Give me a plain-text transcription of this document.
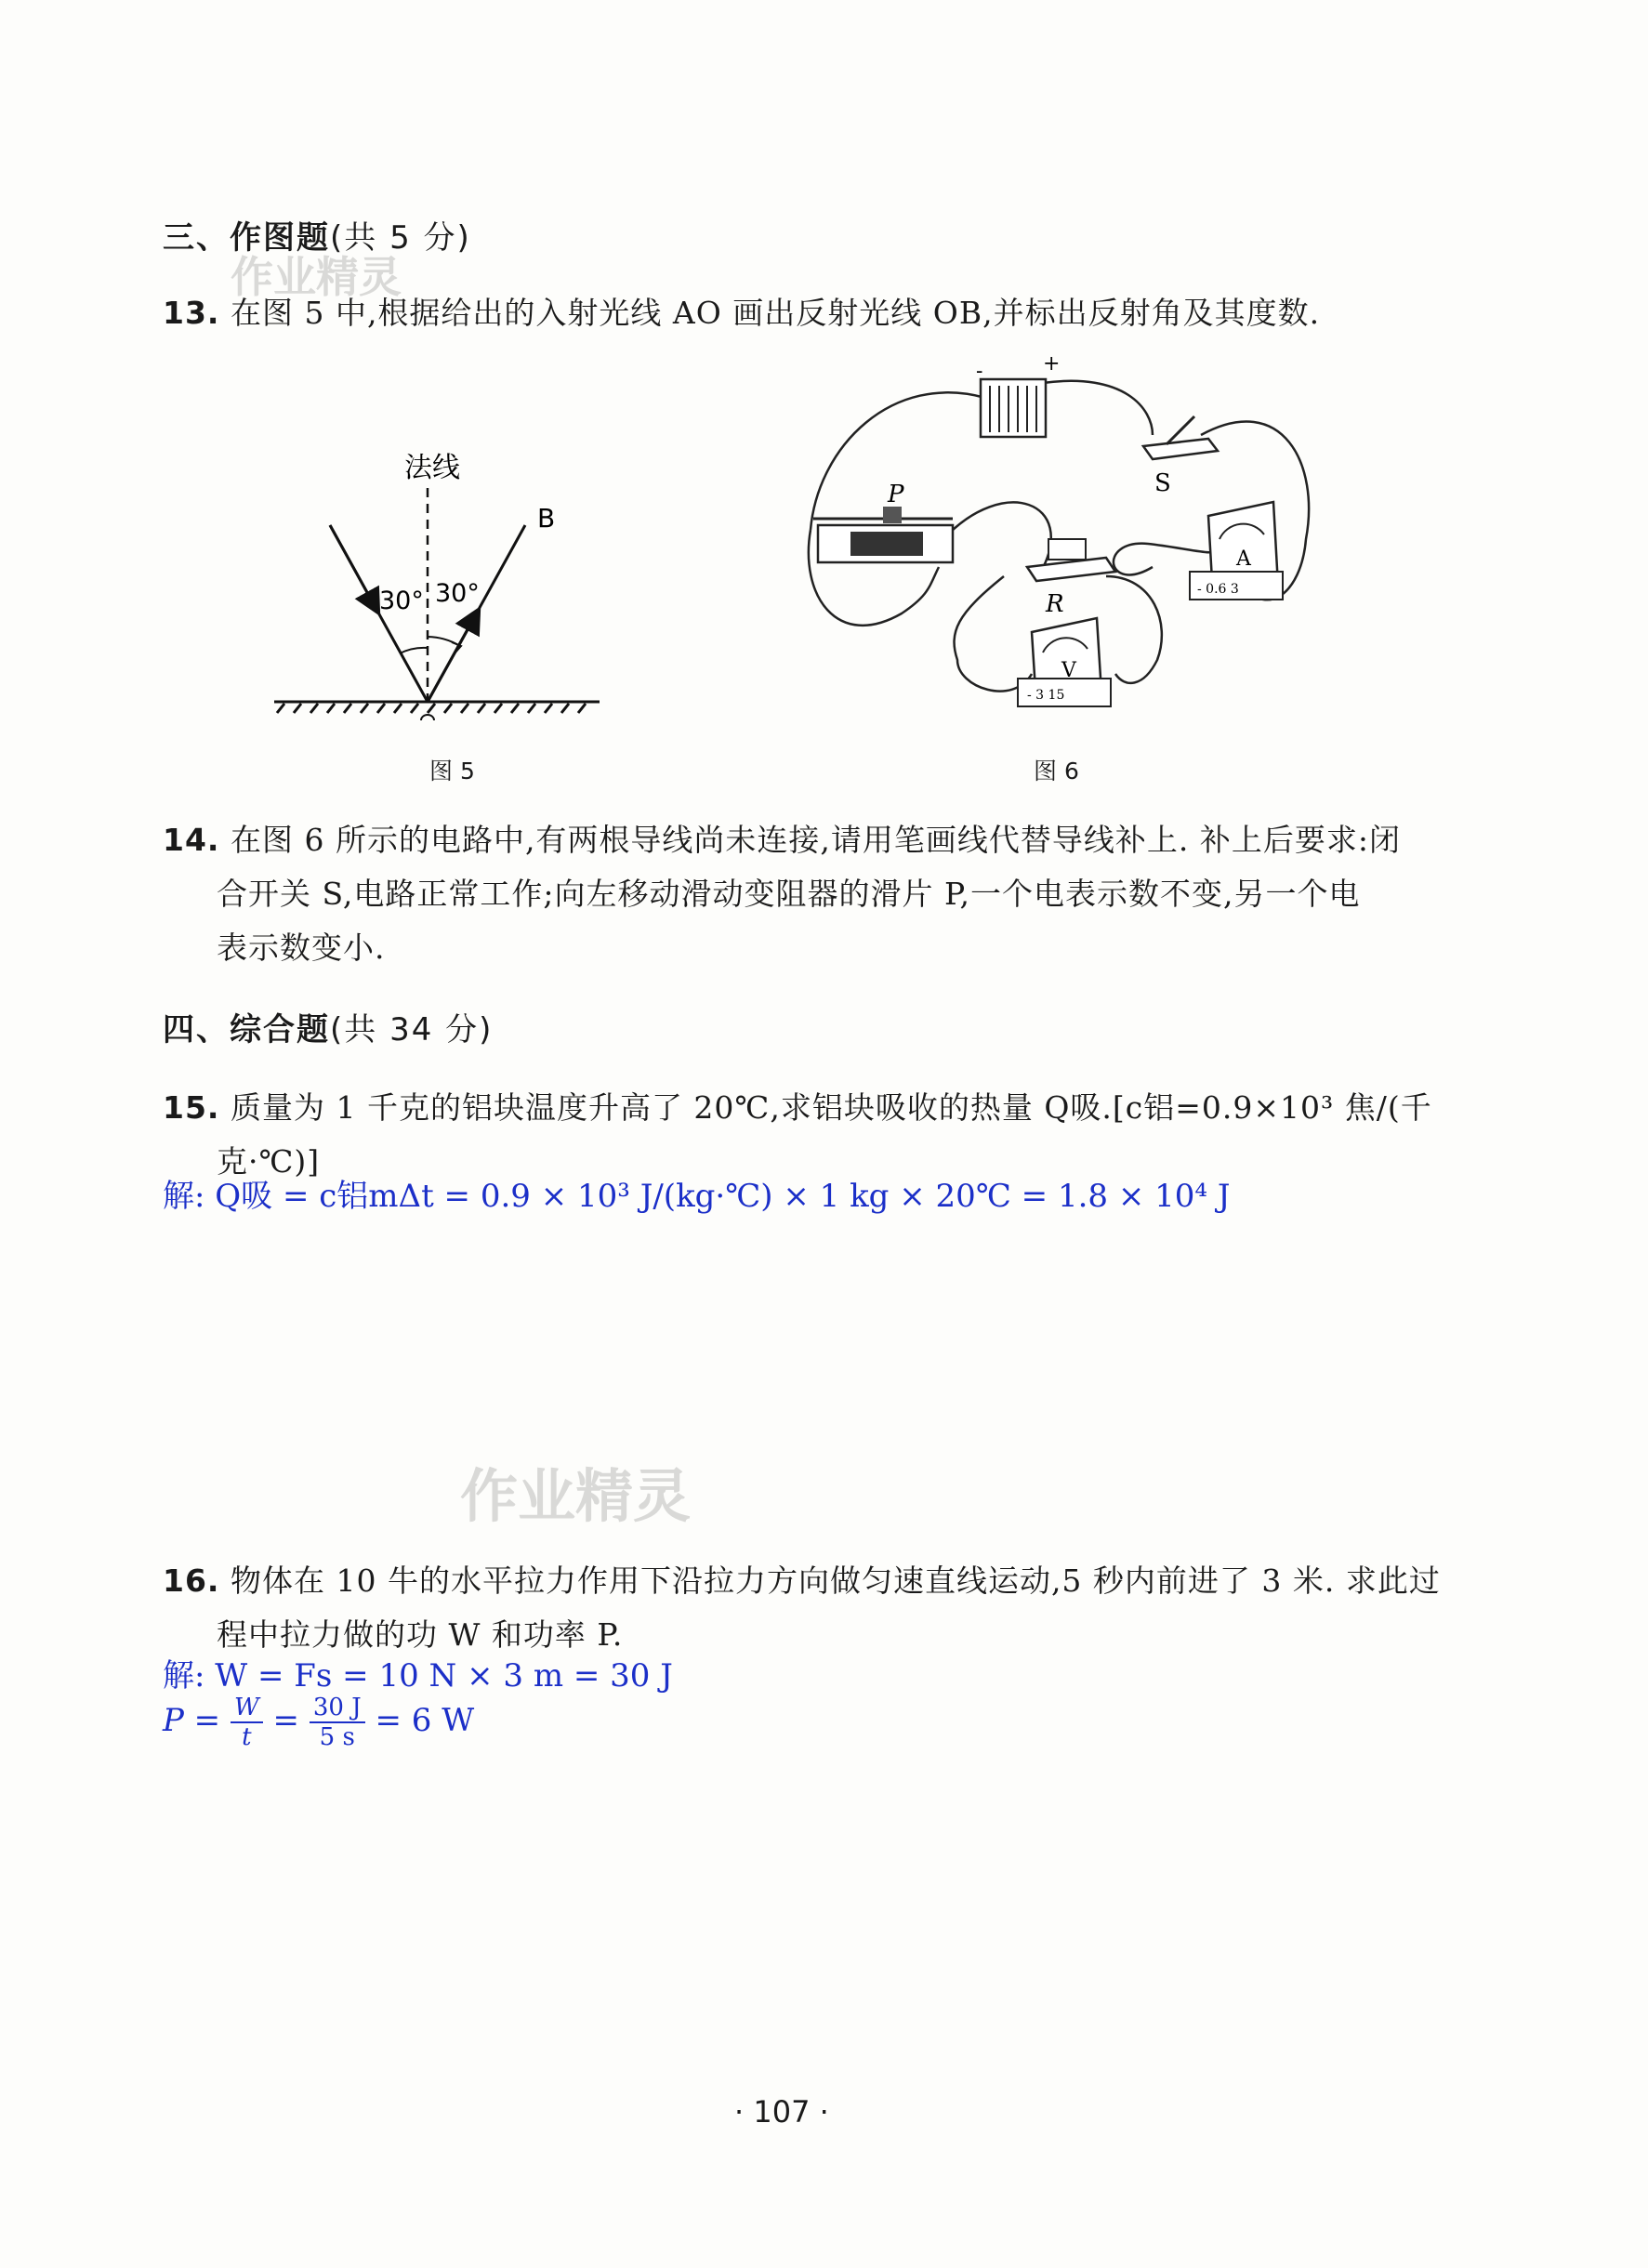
三、作图题(共 5 分)
作业精灵
13. 在图 5 中,根据给出的入射光线 AO 画出反射光线 OB,并标出反射角及其度数.
法线
B
30° 30°
图 5
-	+
S
P
R
A
- 0.6 3
V
- 3 15
图 6
14. 在图 6 所示的电路中,有两根导线尚未连接,请用笔画线代替导线补上. 补上后要求:闭
合开关 S,电路正常工作;向左移动滑动变阻器的滑片 P,一个电表示数不变,另一个电
表示数变小.
四、综合题(共 34 分)
15. 质量为 1 千克的铝块温度升高了 20℃,求铝块吸收的热量 Q吸.[c铝=0.9×10³ 焦/(千
克·℃)]
解: Q吸 = c铝mΔt = 0.9 × 10³ J/(kg·℃) × 1 kg × 20℃ = 1.8 × 10⁴ J
作业精灵
16. 物体在 10 牛的水平拉力作用下沿拉力方向做匀速直线运动,5 秒内前进了 3 米. 求此过
程中拉力做的功 W 和功率 P.
解: W = Fs = 10 N × 3 m = 30 J
$P = \frac{W}{t} = \frac{30 J}{5 s} = 6$ W
· 107 ·
